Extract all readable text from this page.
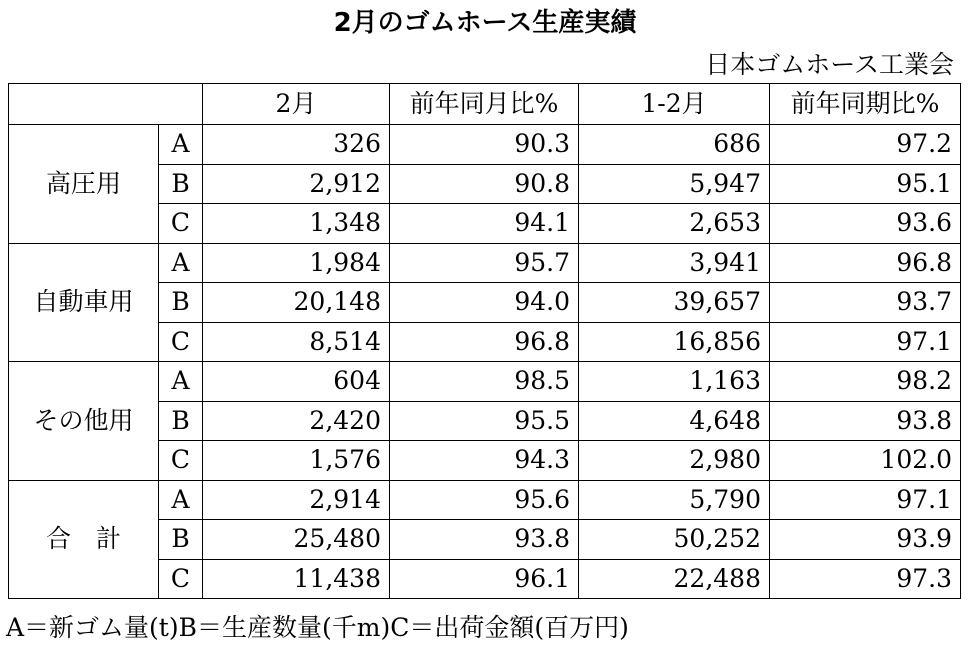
2月のゴムホース生産実績
日本ゴムホース工業会
		2月	前年同月比%	1-2月	前年同期比%
高圧用	A	326	90.3	686	97.2
	B	2,912	90.8	5,947	95.1
	C	1,348	94.1	2,653	93.6
自動車用	A	1,984	95.7	3,941	96.8
	B	20,148	94.0	39,657	93.7
	C	8,514	96.8	16,856	97.1
その他用	A	604	98.5	1,163	98.2
	B	2,420	95.5	4,648	93.8
	C	1,576	94.3	2,980	102.0
合　計	A	2,914	95.6	5,790	97.1
	B	25,480	93.8	50,252	93.9
	C	11,438	96.1	22,488	97.3
A＝新ゴム量(t)B＝生産数量(千m)C＝出荷金額(百万円)
